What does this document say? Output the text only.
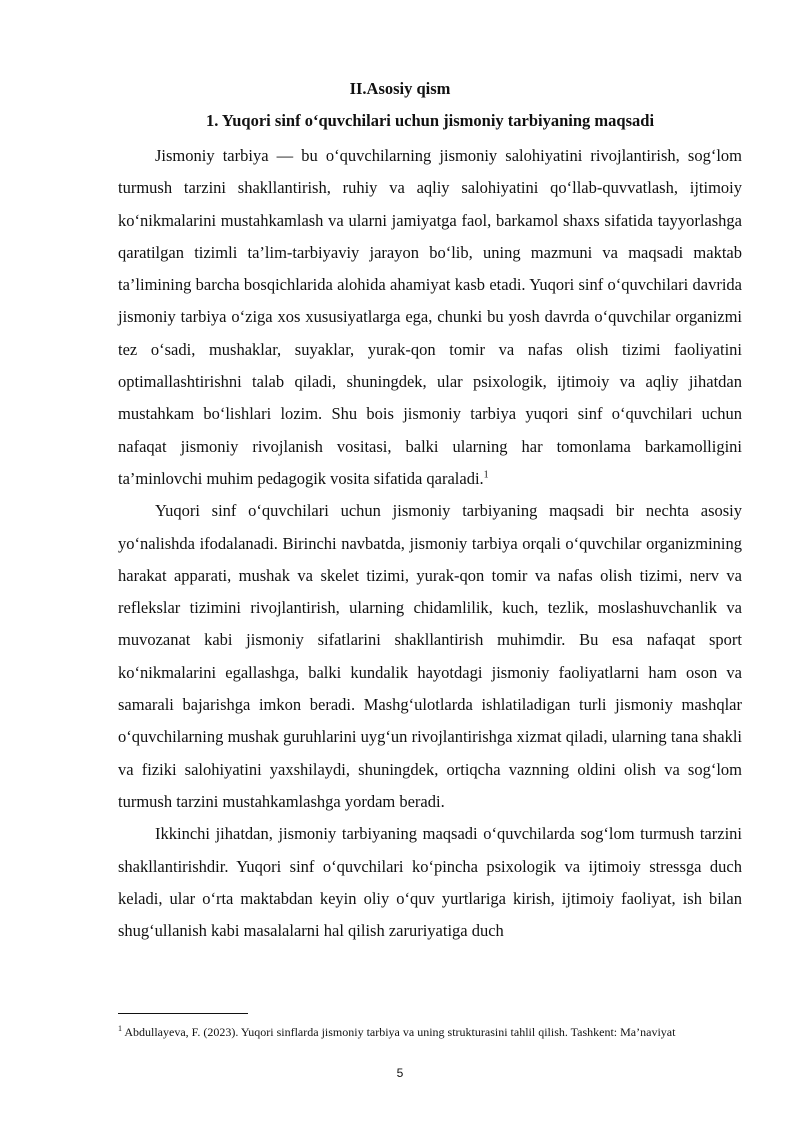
II.Asosiy qism
1. Yuqori sinf o‘quvchilari uchun jismoniy tarbiyaning maqsadi

Jismoniy tarbiya — bu o‘quvchilarning jismoniy salohiyatini rivojlantirish, sog‘lom turmush tarzini shakllantirish, ruhiy va aqliy salohiyatini qo‘llab-quvvatlash, ijtimoiy ko‘nikmalarini mustahkamlash va ularni jamiyatga faol, barkamol shaxs sifatida tayyorlashga qaratilgan tizimli ta’lim-tarbiyaviy jarayon bo‘lib, uning mazmuni va maqsadi maktab ta’limining barcha bosqichlarida alohida ahamiyat kasb etadi. Yuqori sinf o‘quvchilari davrida jismoniy tarbiya o‘ziga xos xususiyatlarga ega, chunki bu yosh davrda o‘quvchilar organizmi tez o‘sadi, mushaklar, suyaklar, yurak-qon tomir va nafas olish tizimi faoliyatini optimallashtirishni talab qiladi, shuningdek, ular psixologik, ijtimoiy va aqliy jihatdan mustahkam bo‘lishlari lozim. Shu bois jismoniy tarbiya yuqori sinf o‘quvchilari uchun nafaqat jismoniy rivojlanish vositasi, balki ularning har tomonlama barkamolligini ta’minlovchi muhim pedagogik vosita sifatida qaraladi.$^1$

Yuqori sinf o‘quvchilari uchun jismoniy tarbiyaning maqsadi bir nechta asosiy yo‘nalishda ifodalanadi. Birinchi navbatda, jismoniy tarbiya orqali o‘quvchilar organizmining harakat apparati, mushak va skelet tizimi, yurak-qon tomir va nafas olish tizimi, nerv va reflekslar tizimini rivojlantirish, ularning chidamlilik, kuch, tezlik, moslashuvchanlik va muvozanat kabi jismoniy sifatlarini shakllantirish muhimdir. Bu esa nafaqat sport ko‘nikmalarini egallashga, balki kundalik hayotdagi jismoniy faoliyatlarni ham oson va samarali bajarishga imkon beradi. Mashg‘ulotlarda ishlatiladigan turli jismoniy mashqlar o‘quvchilarning mushak guruhlarini uyg‘un rivojlantirishga xizmat qiladi, ularning tana shakli va fiziki salohiyatini yaxshilaydi, shuningdek, ortiqcha vaznning oldini olish va sog‘lom turmush tarzini mustahkamlashga yordam beradi.

Ikkinchi jihatdan, jismoniy tarbiyaning maqsadi o‘quvchilarda sog‘lom turmush tarzini shakllantirishdir. Yuqori sinf o‘quvchilari ko‘pincha psixologik va ijtimoiy stressga duch keladi, ular o‘rta maktabdan keyin oliy o‘quv yurtlariga kirish, ijtimoiy faoliyat, ish bilan shug‘ullanish kabi masalalarni hal qilish zaruriyatiga duch

$^1$ Abdullayeva, F. (2023). Yuqori sinflarda jismoniy tarbiya va uning strukturasini tahlil qilish. Tashkent: Ma’naviyat
5
